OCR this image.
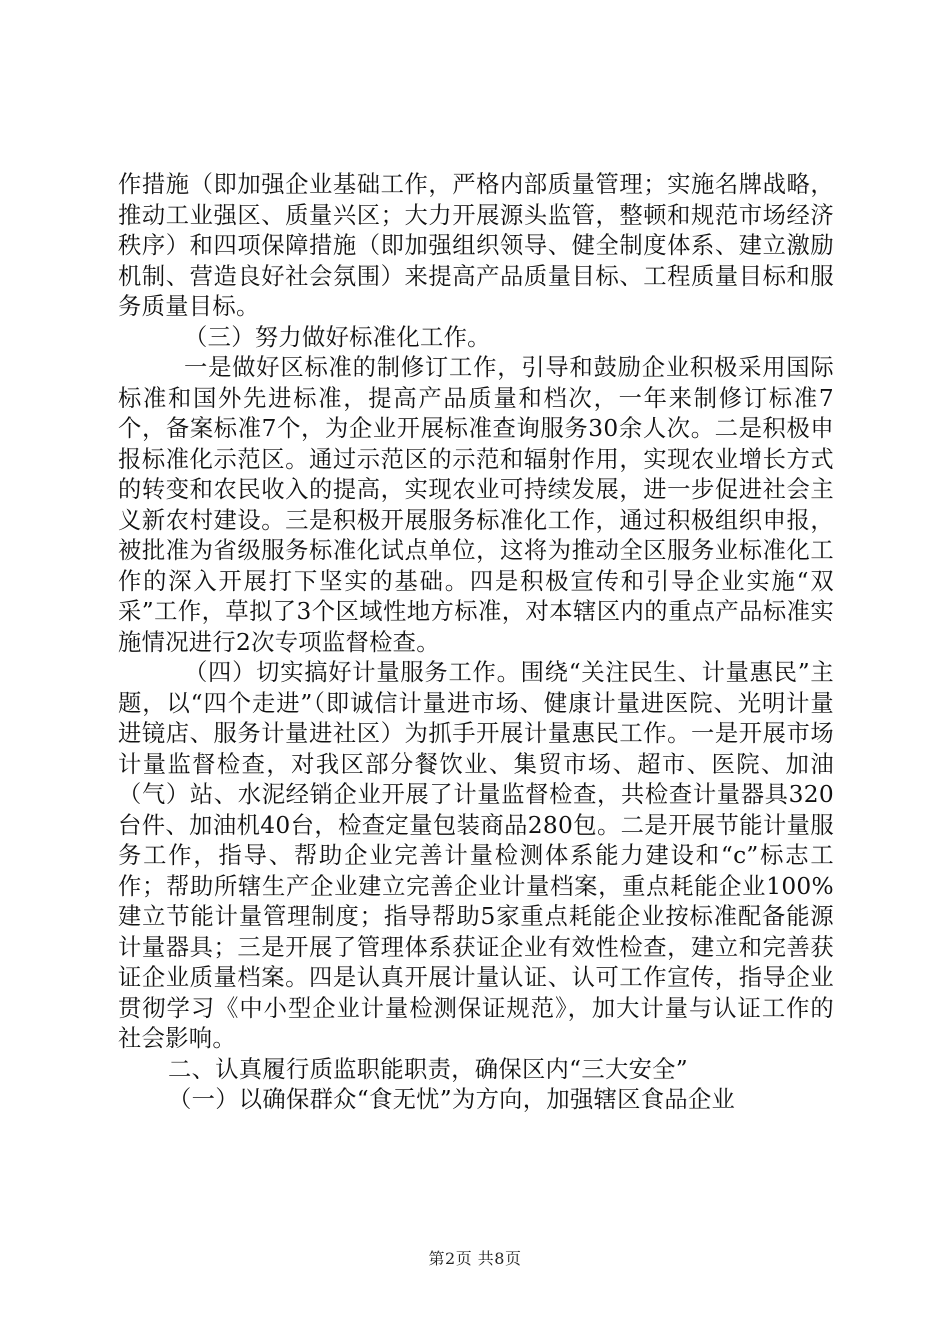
作措施（即加强企业基础工作，严格内部质量管理；实施名牌战略，推动工业强区、质量兴区；大力开展源头监管，整顿和规范市场经济秩序）和四项保障措施（即加强组织领导、健全制度体系、建立激励机制、营造良好社会氛围）来提高产品质量目标、工程质量目标和服务质量目标。

（三）努力做好标准化工作。

一是做好区标准的制修订工作，引导和鼓励企业积极采用国际标准和国外先进标准，提高产品质量和档次，一年来制修订标准7个，备案标准7个，为企业开展标准查询服务30余人次。二是积极申报标准化示范区。通过示范区的示范和辐射作用，实现农业增长方式的转变和农民收入的提高，实现农业可持续发展，进一步促进社会主义新农村建设。三是积极开展服务标准化工作，通过积极组织申报，被批准为省级服务标准化试点单位，这将为推动全区服务业标准化工作的深入开展打下坚实的基础。四是积极宣传和引导企业实施“双采”工作，草拟了3个区域性地方标准，对本辖区内的重点产品标准实施情况进行2次专项监督检查。

（四）切实搞好计量服务工作。围绕“关注民生、计量惠民”主题，以“四个走进”（即诚信计量进市场、健康计量进医院、光明计量进镜店、服务计量进社区）为抓手开展计量惠民工作。一是开展市场计量监督检查，对我区部分餐饮业、集贸市场、超市、医院、加油（气）站、水泥经销企业开展了计量监督检查，共检查计量器具320台件、加油机40台，检查定量包装商品280包。二是开展节能计量服务工作，指导、帮助企业完善计量检测体系能力建设和“c”标志工作；帮助所辖生产企业建立完善企业计量档案，重点耗能企业100%建立节能计量管理制度；指导帮助5家重点耗能企业按标准配备能源计量器具；三是开展了管理体系获证企业有效性检查，建立和完善获证企业质量档案。四是认真开展计量认证、认可工作宣传，指导企业贯彻学习《中小型企业计量检测保证规范》，加大计量与认证工作的社会影响。

二、认真履行质监职能职责，确保区内“三大安全”

（一）以确保群众“食无忧”为方向，加强辖区食品企业

第2页 共8页
